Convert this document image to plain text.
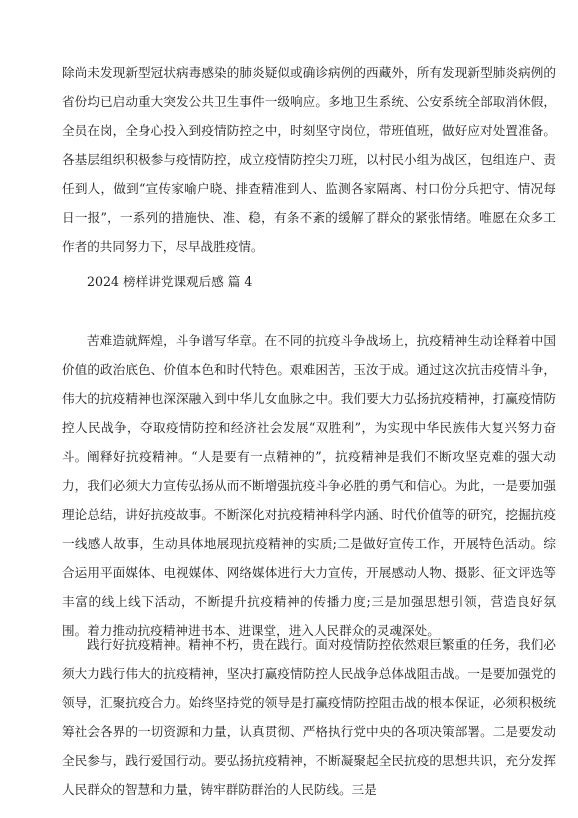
除尚未发现新型冠状病毒感染的肺炎疑似或确诊病例的西藏外，所有发现新型肺炎病例的省份均已启动重大突发公共卫生事件一级响应。多地卫生系统、公安系统全部取消休假，全员在岗，全身心投入到疫情防控之中，时刻坚守岗位，带班值班，做好应对处置准备。各基层组织积极参与疫情防控，成立疫情防控尖刀班，以村民小组为战区，包组连户、责任到人，做到“宣传家喻户晓、排查精准到人、监测各家隔离、村口份分兵把守、情况每日一报”，一系列的措施快、准、稳，有条不紊的缓解了群众的紧张情绪。唯愿在众多工作者的共同努力下，尽早战胜疫情。

2024 榜样讲党课观后感 篇 4

苦难造就辉煌，斗争谱写华章。在不同的抗疫斗争战场上，抗疫精神生动诠释着中国价值的政治底色、价值本色和时代特色。艰难困苦，玉汝于成。通过这次抗击疫情斗争，伟大的抗疫精神也深深融入到中华儿女血脉之中。我们要大力弘扬抗疫精神，打赢疫情防控人民战争，夺取疫情防控和经济社会发展“双胜利”，为实现中华民族伟大复兴努力奋斗。 阐释好抗疫精神。“人是要有一点精神的”，抗疫精神是我们不断攻坚克难的强大动力，我们必须大力宣传弘扬从而不断增强抗疫斗争必胜的勇气和信心。为此，一是要加强理论总结，讲好抗疫故事。不断深化对抗疫精神科学内涵、时代价值等的研究，挖掘抗疫一线感人故事，生动具体地展现抗疫精神的实质;二是做好宣传工作，开展特色活动。综合运用平面媒体、电视媒体、网络媒体进行大力宣传，开展感动人物、摄影、征文评选等丰富的线上线下活动，不断提升抗疫精神的传播力度;三是加强思想引领，营造良好氛围。着力推动抗疫精神进书本、进课堂，进入人民群众的灵魂深处。

践行好抗疫精神。精神不朽，贵在践行。面对疫情防控依然艰巨繁重的任务，我们必须大力践行伟大的抗疫精神，坚决打赢疫情防控人民战争总体战阻击战。一是要加强党的领导，汇聚抗疫合力。始终坚持党的领导是打赢疫情防控阻击战的根本保证，必须积极统筹社会各界的一切资源和力量，认真贯彻、严格执行党中央的各项决策部署。二是要发动全民参与，践行爱国行动。要弘扬抗疫精神，不断凝聚起全民抗疫的思想共识，充分发挥人民群众的智慧和力量，铸牢群防群治的人民防线。三是
